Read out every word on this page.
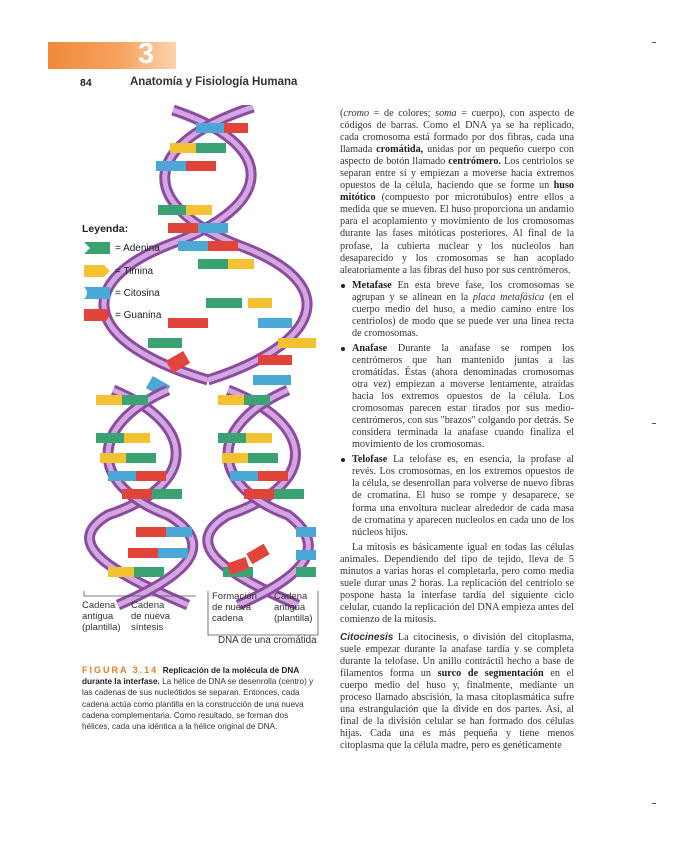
3
84	Anatomía y Fisiología Humana
Leyenda:
= Adenina
= Timina
= Citosina
= Guanina
Cadena
antigua
(plantilla)
Cadena
de nueva
síntesis
Formación
de nueva
cadena
Cadena
antigua
(plantilla)
DNA de una cromátida
FIGURA 3.14 Replicación de la molécula de DNA durante la interfase. La hélice de DNA se desenrolla (centro) y las cadenas de sus nucleótidos se separan. Entonces, cada cadena actúa como plantilla en la construcción de una nueva cadena complementaria. Como resultado, se forman dos hélices, cada una idéntica a la hélice original de DNA.

(cromo = de colores; soma = cuerpo), con aspecto de códigos de barras. Como el DNA ya se ha replicado, cada cromosoma está formado por dos fibras, cada una llamada cromátida, unidas por un pequeño cuerpo con aspecto de botón llamado centrómero. Los centriolos se separan entre sí y empiezan a moverse hacia extremos opuestos de la célula, haciendo que se forme un huso mitótico (compuesto por microtúbulos) entre ellos a medida que se mueven. El huso proporciona un andamio para el acoplamiento y movimiento de los cromosomas durante las fases mitóticas posteriores. Al final de la profase, la cubierta nuclear y los nucleolos han desaparecido y los cromosomas se han acoplado aleatoriamente a las fibras del huso por sus centrómeros.

Metafase En esta breve fase, los cromosomas se agrupan y se alinean en la placa metafásica (en el cuerpo medio del huso, a medio camino entre los centriolos) de modo que se puede ver una línea recta de cromosomas.
Anafase Durante la anafase se rompen los centrómeros que han mantenido juntas a las cromátidas. Éstas (ahora denominadas cromosomas otra vez) empiezan a moverse lentamente, atraídas hacia los extremos opuestos de la célula. Los cromosomas parecen estar tirados por sus medio-centrómeros, con sus "brazos" colgando por detrás. Se considera terminada la anafase cuando finaliza el movimiento de los cromosomas.
Telofase La telofase es, en esencia, la profase al revés. Los cromosomas, en los extremos opuestos de la célula, se desenrollan para volverse de nuevo fibras de cromatina. El huso se rompe y desaparece, se forma una envoltura nuclear alrededor de cada masa de cromatina y aparecen nucleolos en cada uno de los núcleos hijos.

La mitosis es básicamente igual en todas las células animales. Dependiendo del tipo de tejido, lleva de 5 minutos a varias horas el completarla, pero como media suele durar unas 2 horas. La replicación del centriolo se pospone hasta la interfase tardía del siguiente ciclo celular, cuando la replicación del DNA empieza antes del comienzo de la mitosis.

Citocinesis La citocinesis, o división del citoplasma, suele empezar durante la anafase tardía y se completa durante la telofase. Un anillo contráctil hecho a base de filamentos forma un surco de segmentación en el cuerpo medio del huso y, finalmente, mediante un proceso llamado abscisión, la masa citoplasmática sufre una estrangulación que la divide en dos partes. Así, al final de la división celular se han formado dos células hijas. Cada una es más pequeña y tiene menos citoplasma que la célula madre, pero es genéticamente
